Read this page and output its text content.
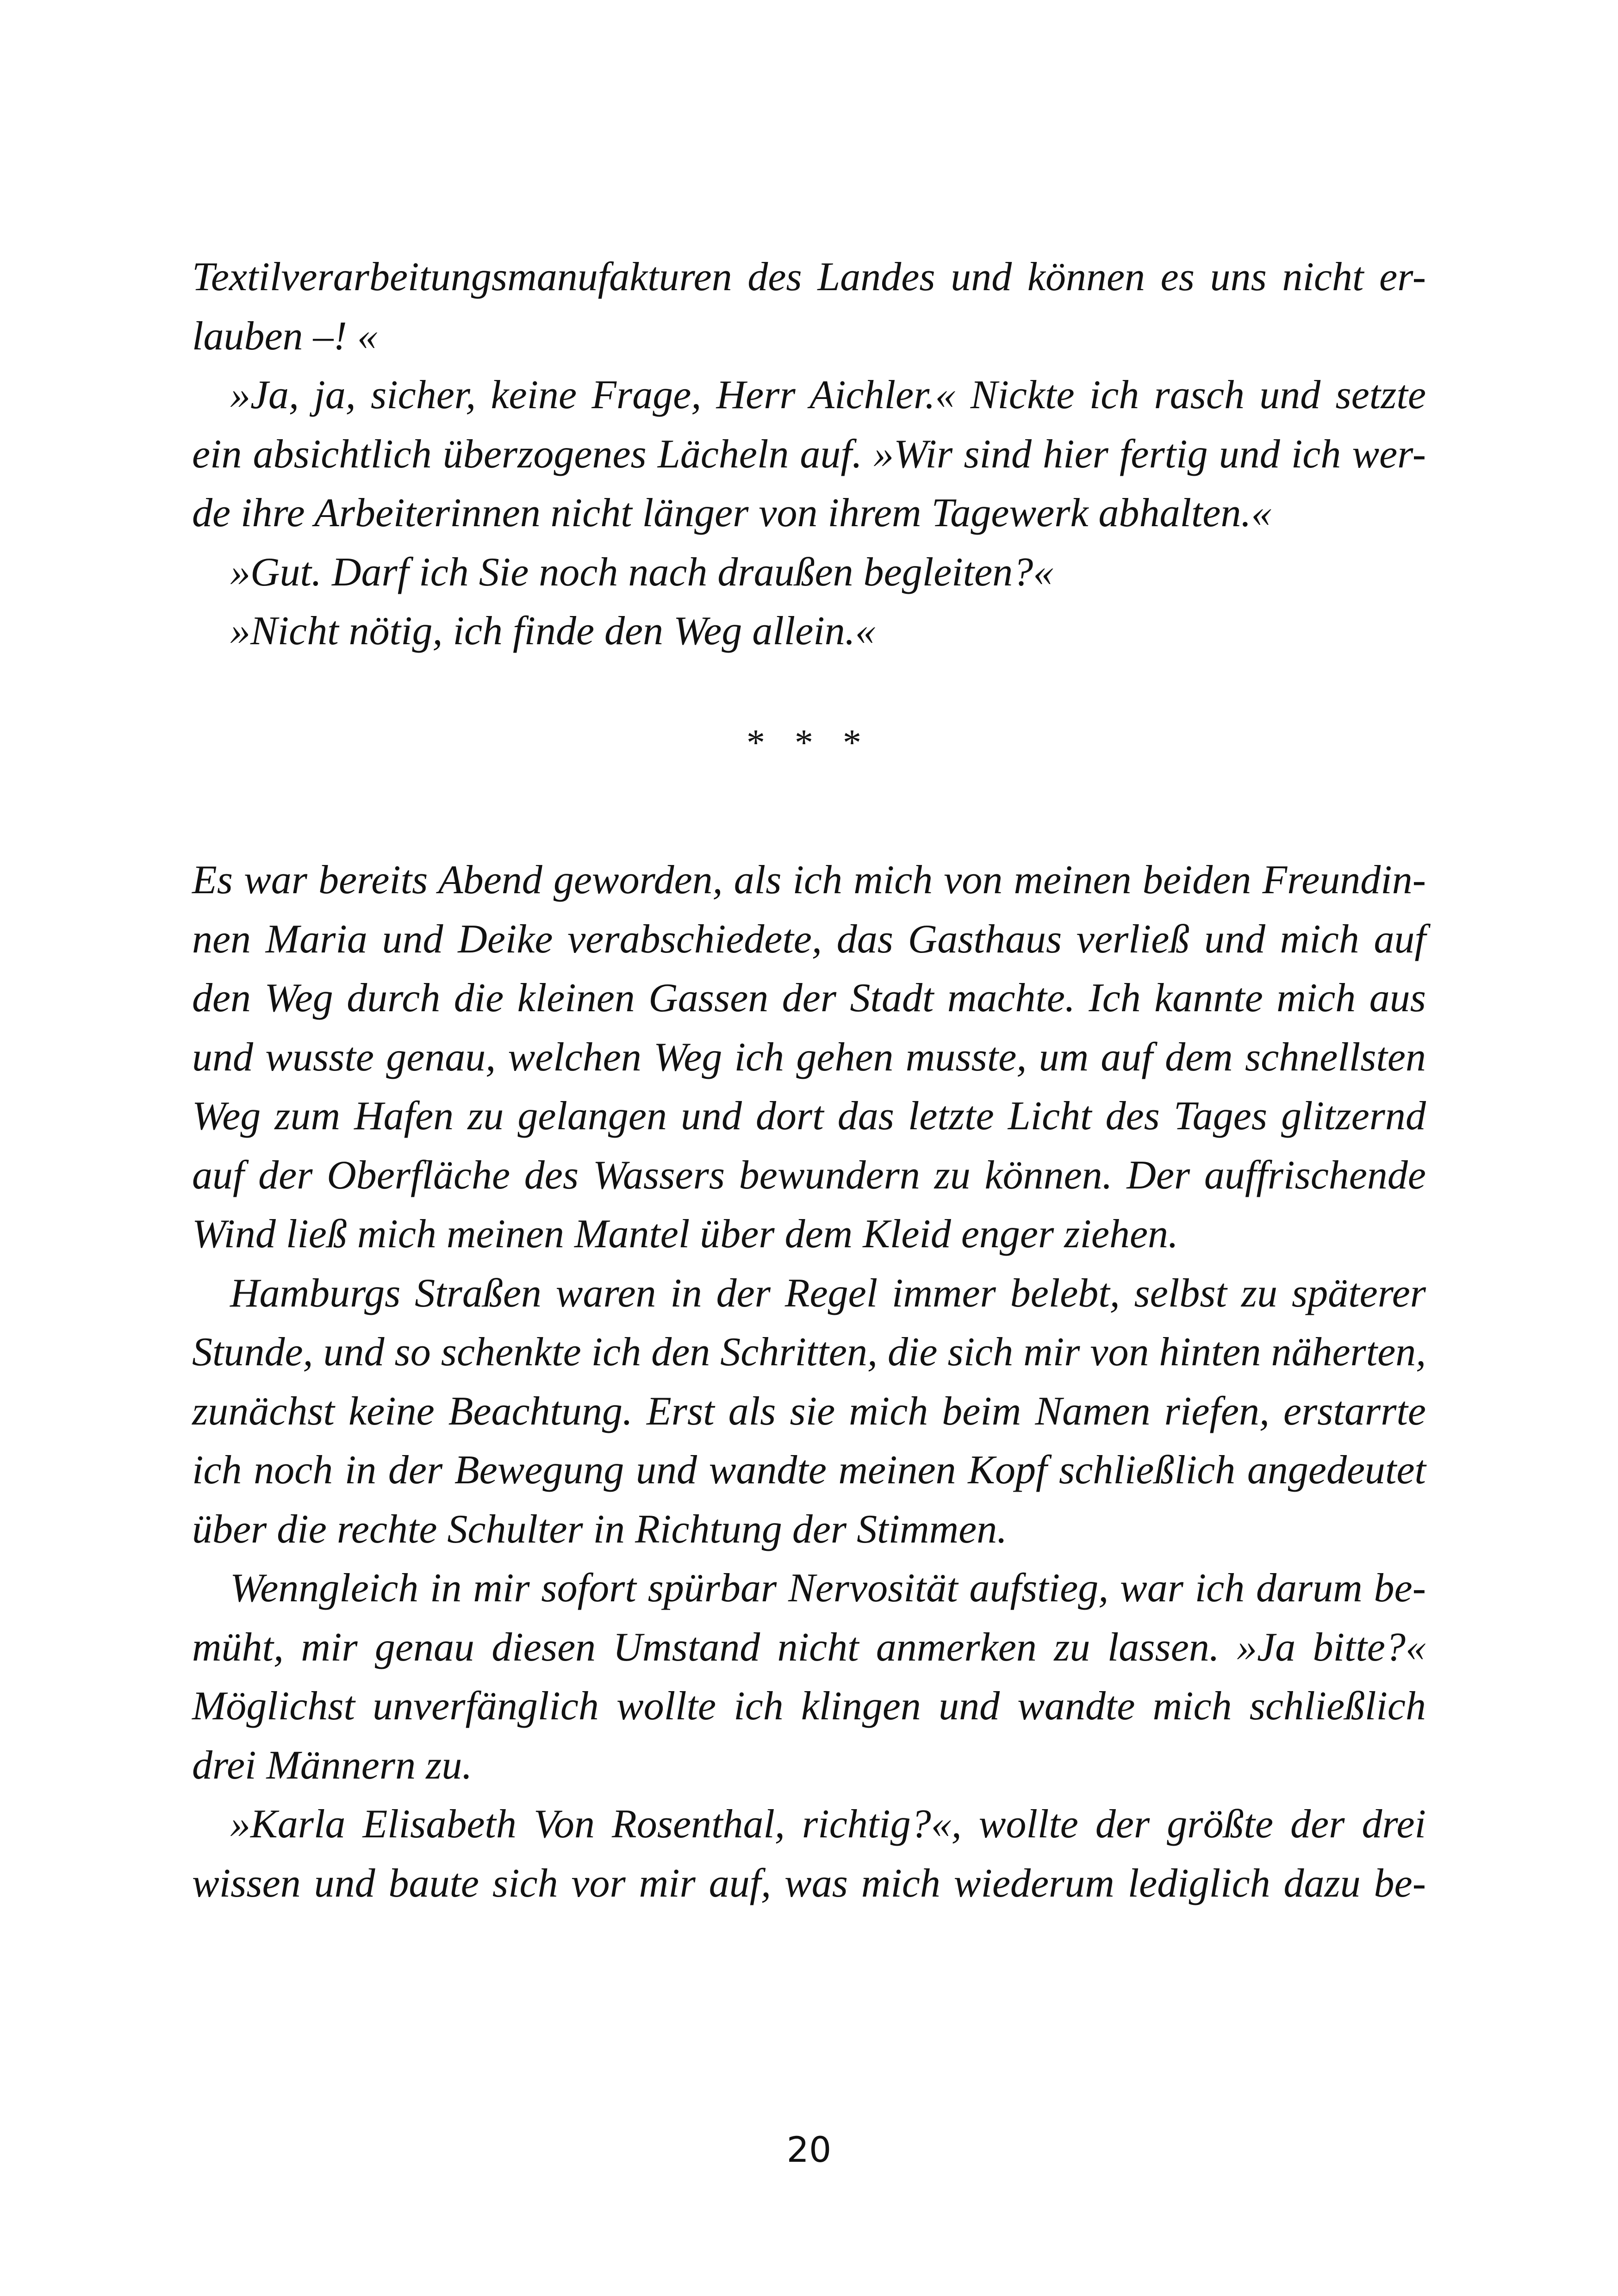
Textilverarbeitungsmanufakturen des Landes und können es uns nicht er-
lauben –! «
»Ja, ja, sicher, keine Frage, Herr Aichler.« Nickte ich rasch und setzte
ein absichtlich überzogenes Lächeln auf. »Wir sind hier fertig und ich wer-
de ihre Arbeiterinnen nicht länger von ihrem Tagewerk abhalten.«
»Gut. Darf ich Sie noch nach draußen begleiten?«
»Nicht nötig, ich finde den Weg allein.«
* * *
Es war bereits Abend geworden, als ich mich von meinen beiden Freundin-
nen Maria und Deike verabschiedete, das Gasthaus verließ und mich auf
den Weg durch die kleinen Gassen der Stadt machte. Ich kannte mich aus
und wusste genau, welchen Weg ich gehen musste, um auf dem schnellsten
Weg zum Hafen zu gelangen und dort das letzte Licht des Tages glitzernd
auf der Oberfläche des Wassers bewundern zu können. Der auffrischende
Wind ließ mich meinen Mantel über dem Kleid enger ziehen.
Hamburgs Straßen waren in der Regel immer belebt, selbst zu späterer
Stunde, und so schenkte ich den Schritten, die sich mir von hinten näherten,
zunächst keine Beachtung. Erst als sie mich beim Namen riefen, erstarrte
ich noch in der Bewegung und wandte meinen Kopf schließlich angedeutet
über die rechte Schulter in Richtung der Stimmen.
Wenngleich in mir sofort spürbar Nervosität aufstieg, war ich darum be-
müht, mir genau diesen Umstand nicht anmerken zu lassen. »Ja bitte?«
Möglichst unverfänglich wollte ich klingen und wandte mich schließlich
drei Männern zu.
»Karla Elisabeth Von Rosenthal, richtig?«, wollte der größte der drei
wissen und baute sich vor mir auf, was mich wiederum lediglich dazu be-
20
